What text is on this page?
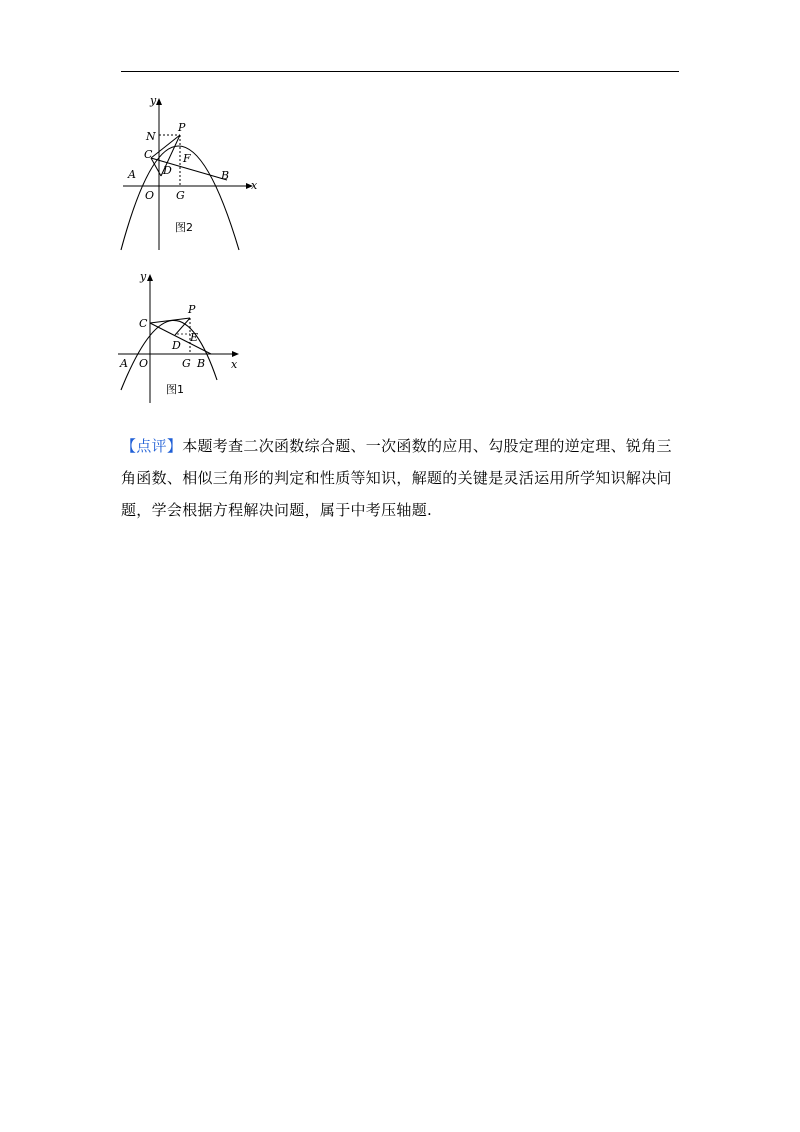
y
x
N
P
C	F
A D	B
O G
图2
y
x
P
C
E
D
A O	G B
图1
【点评】本题考查二次函数综合题、一次函数的应用、勾股定理的逆定理、锐角三角函数、相似三角形的判定和性质等知识，解题的关键是灵活运用所学知识解决问题，学会根据方程解决问题，属于中考压轴题.
